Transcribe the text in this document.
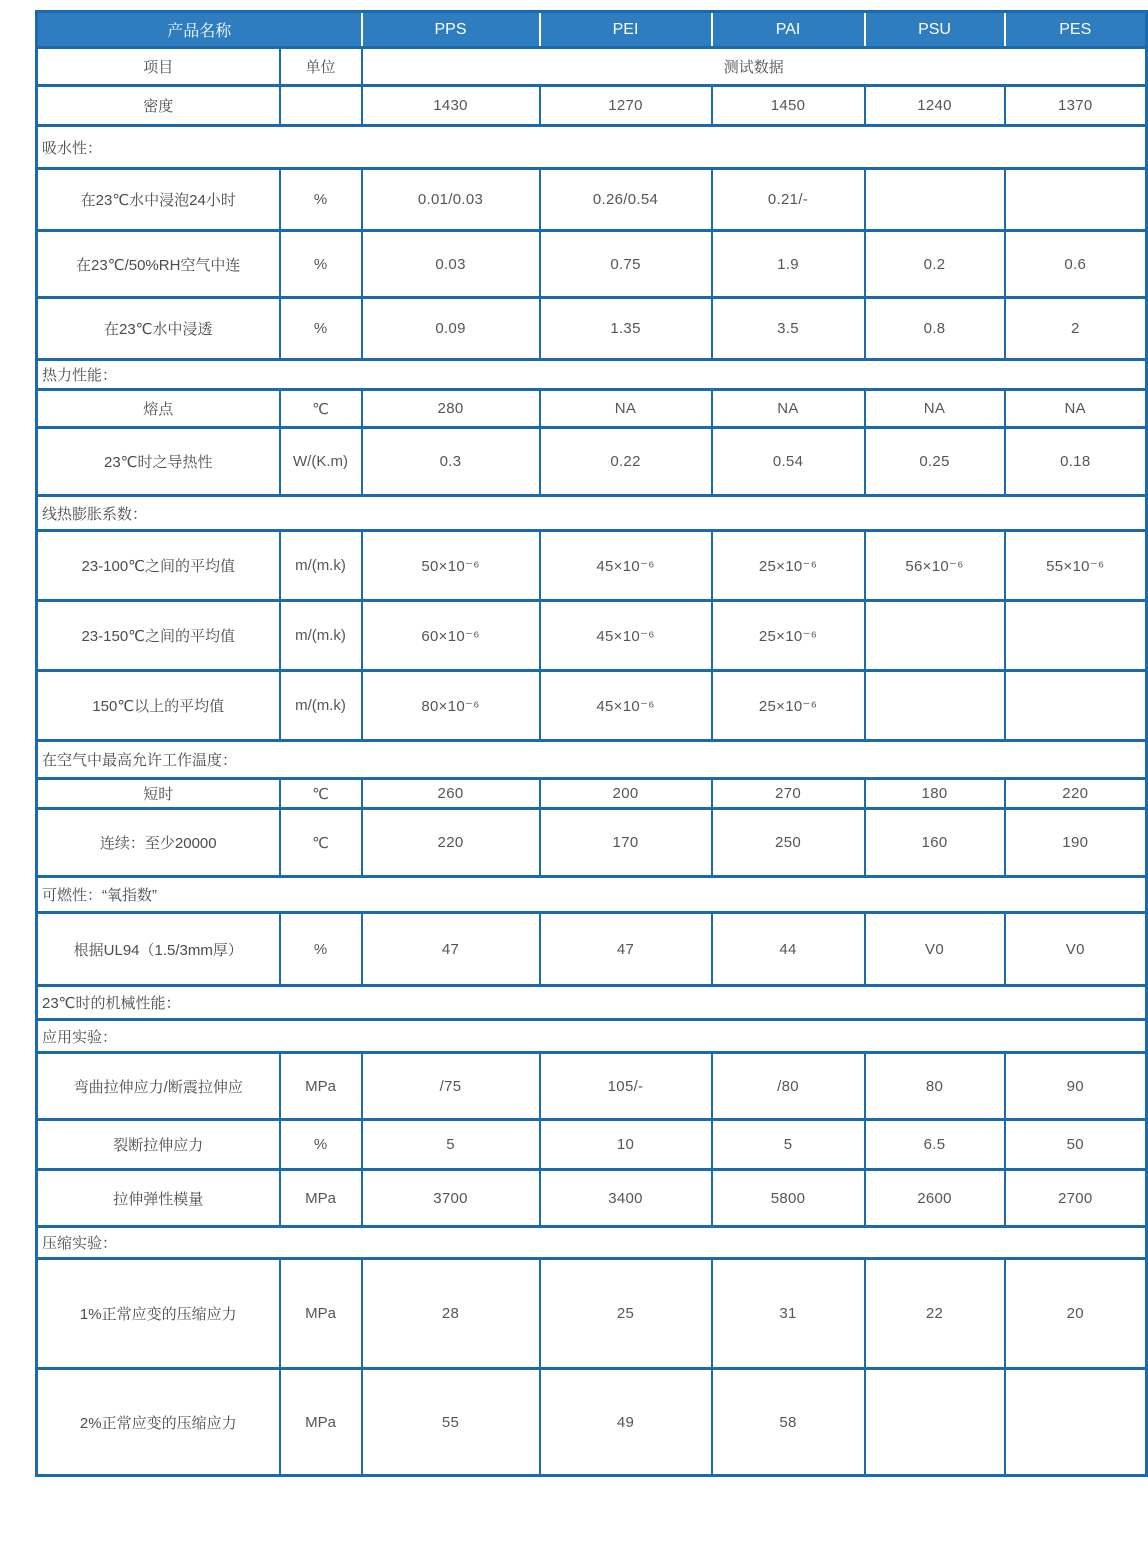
产品名称		PPS	PEI	PAI	PSU	PES
项目	单位	测试数据				
密度		1430	1270	1450	1240	1370
吸水性：						
在23℃水中浸泡24小时	%	0.01/0.03	0.26/0.54	0.21/-		
在23℃/50%RH空气中连	%	0.03	0.75	1.9	0.2	0.6
在23℃水中浸透	%	0.09	1.35	3.5	0.8	2
热力性能：						
熔点	℃	280	NA	NA	NA	NA
23℃时之导热性	W/(K.m)	0.3	0.22	0.54	0.25	0.18
线热膨胀系数：						
23-100℃之间的平均值	m/(m.k)	50×10⁻⁶	45×10⁻⁶	25×10⁻⁶	56×10⁻⁶	55×10⁻⁶
23-150℃之间的平均值	m/(m.k)	60×10⁻⁶	45×10⁻⁶	25×10⁻⁶		
150℃以上的平均值	m/(m.k)	80×10⁻⁶	45×10⁻⁶	25×10⁻⁶		
在空气中最高允许工作温度：						
短时	℃	260	200	270	180	220
连续：至少20000	℃	220	170	250	160	190
可燃性：“氧指数”						
根据UL94（1.5/3mm厚）	%	47	47	44	V0	V0
23℃时的机械性能：						
应用实验：						
弯曲拉伸应力/断震拉伸应	MPa	/75	105/-	/80	80	90
裂断拉伸应力	%	5	10	5	6.5	50
拉伸弹性模量	MPa	3700	3400	5800	2600	2700
压缩实验：						
1%正常应变的压缩应力	MPa	28	25	31	22	20
2%正常应变的压缩应力	MPa	55	49	58		
